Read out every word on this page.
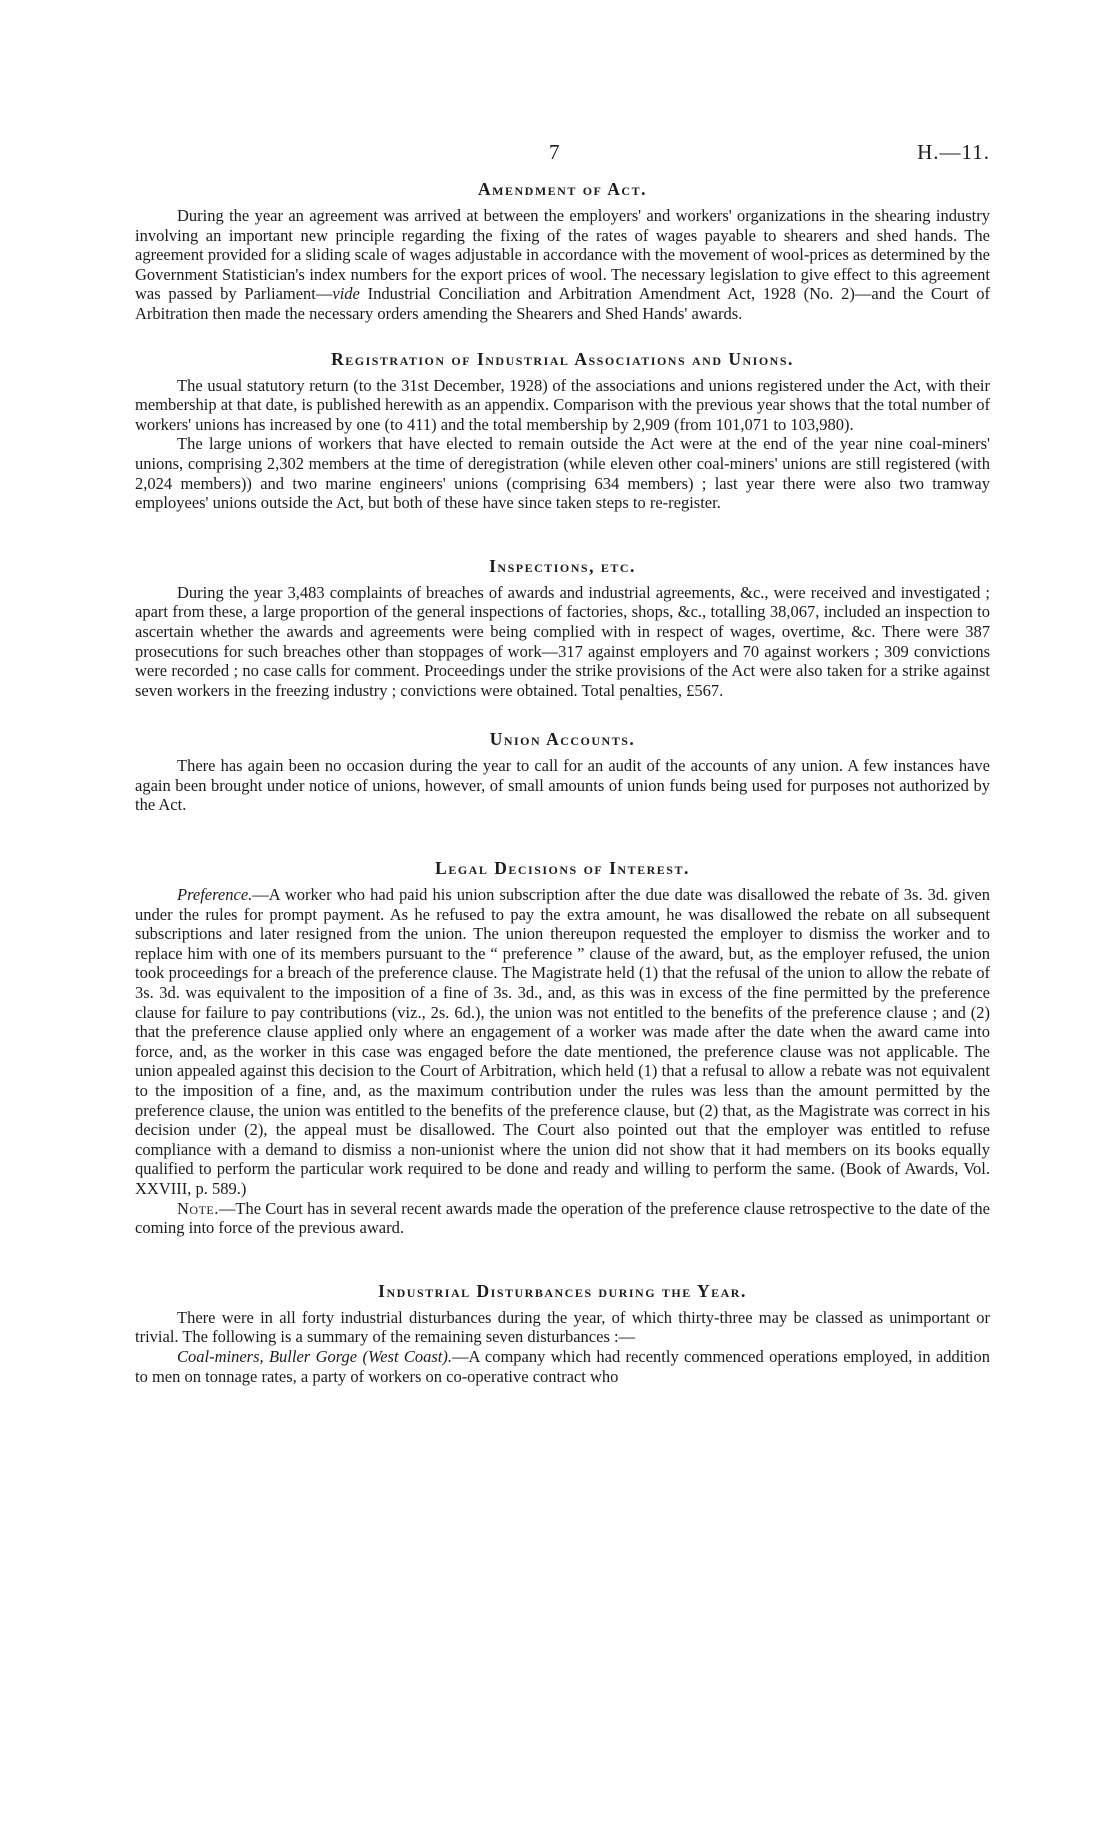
7	H.—11.
Amendment of Act.

During the year an agreement was arrived at between the employers' and workers' organizations in the shearing industry involving an important new principle regarding the fixing of the rates of wages payable to shearers and shed hands. The agreement provided for a sliding scale of wages adjustable in accordance with the movement of wool-prices as determined by the Government Statistician's index numbers for the export prices of wool. The necessary legislation to give effect to this agreement was passed by Parliament—vide Industrial Conciliation and Arbitration Amendment Act, 1928 (No. 2)—and the Court of Arbitration then made the necessary orders amending the Shearers and Shed Hands' awards.

Registration of Industrial Associations and Unions.

The usual statutory return (to the 31st December, 1928) of the associations and unions registered under the Act, with their membership at that date, is published herewith as an appendix. Comparison with the previous year shows that the total number of workers' unions has increased by one (to 411) and the total membership by 2,909 (from 101,071 to 103,980).

The large unions of workers that have elected to remain outside the Act were at the end of the year nine coal-miners' unions, comprising 2,302 members at the time of deregistration (while eleven other coal-miners' unions are still registered (with 2,024 members)) and two marine engineers' unions (comprising 634 members) ; last year there were also two tramway employees' unions outside the Act, but both of these have since taken steps to re-register.

Inspections, etc.

During the year 3,483 complaints of breaches of awards and industrial agreements, &c., were received and investigated ; apart from these, a large proportion of the general inspections of factories, shops, &c., totalling 38,067, included an inspection to ascertain whether the awards and agreements were being complied with in respect of wages, overtime, &c. There were 387 prosecutions for such breaches other than stoppages of work—317 against employers and 70 against workers ; 309 convictions were recorded ; no case calls for comment. Proceedings under the strike provisions of the Act were also taken for a strike against seven workers in the freezing industry ; convictions were obtained. Total penalties, £567.

Union Accounts.

There has again been no occasion during the year to call for an audit of the accounts of any union. A few instances have again been brought under notice of unions, however, of small amounts of union funds being used for purposes not authorized by the Act.

Legal Decisions of Interest.

Preference.—A worker who had paid his union subscription after the due date was disallowed the rebate of 3s. 3d. given under the rules for prompt payment. As he refused to pay the extra amount, he was disallowed the rebate on all subsequent subscriptions and later resigned from the union. The union thereupon requested the employer to dismiss the worker and to replace him with one of its members pursuant to the “ preference ” clause of the award, but, as the employer refused, the union took proceedings for a breach of the preference clause. The Magistrate held (1) that the refusal of the union to allow the rebate of 3s. 3d. was equivalent to the imposition of a fine of 3s. 3d., and, as this was in excess of the fine permitted by the preference clause for failure to pay contributions (viz., 2s. 6d.), the union was not entitled to the benefits of the preference clause ; and (2) that the preference clause applied only where an engagement of a worker was made after the date when the award came into force, and, as the worker in this case was engaged before the date mentioned, the preference clause was not applicable. The union appealed against this decision to the Court of Arbitration, which held (1) that a refusal to allow a rebate was not equivalent to the imposition of a fine, and, as the maximum contribution under the rules was less than the amount permitted by the preference clause, the union was entitled to the benefits of the preference clause, but (2) that, as the Magistrate was correct in his decision under (2), the appeal must be disallowed. The Court also pointed out that the employer was entitled to refuse compliance with a demand to dismiss a non-unionist where the union did not show that it had members on its books equally qualified to perform the particular work required to be done and ready and willing to perform the same. (Book of Awards, Vol. XXVIII, p. 589.)

Note.—The Court has in several recent awards made the operation of the preference clause retrospective to the date of the coming into force of the previous award.

Industrial Disturbances during the Year.

There were in all forty industrial disturbances during the year, of which thirty-three may be classed as unimportant or trivial. The following is a summary of the remaining seven disturbances :—

Coal-miners, Buller Gorge (West Coast).—A company which had recently commenced operations employed, in addition to men on tonnage rates, a party of workers on co-operative contract who
